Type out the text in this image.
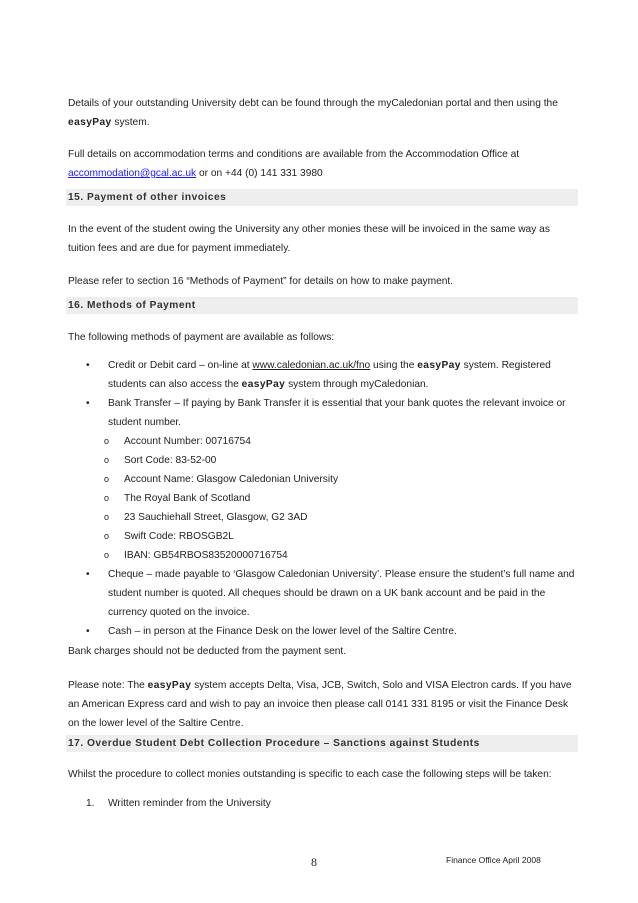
Details of your outstanding University debt can be found through the myCaledonian portal and then using the
easyPay system.
Full details on accommodation terms and conditions are available from the Accommodation Office at
accommodation@gcal.ac.uk or on +44 (0) 141 331 3980
15. Payment of other invoices
In the event of the student owing the University any other monies these will be invoiced in the same way as
tuition fees and are due for payment immediately.
Please refer to section 16 “Methods of Payment” for details on how to make payment.
16. Methods of Payment
The following methods of payment are available as follows:
• Credit or Debit card – on-line at www.caledonian.ac.uk/fno using the easyPay system. Registered
students can also access the easyPay system through myCaledonian.
• Bank Transfer – If paying by Bank Transfer it is essential that your bank quotes the relevant invoice or
student number.
o Account Number: 00716754
o Sort Code: 83-52-00
o Account Name: Glasgow Caledonian University
o The Royal Bank of Scotland
o 23 Sauchiehall Street, Glasgow, G2 3AD
o Swift Code: RBOSGB2L
o IBAN: GB54RBOS83520000716754
• Cheque – made payable to ‘Glasgow Caledonian University’. Please ensure the student’s full name and
student number is quoted. All cheques should be drawn on a UK bank account and be paid in the
currency quoted on the invoice.
• Cash – in person at the Finance Desk on the lower level of the Saltire Centre.
Bank charges should not be deducted from the payment sent.
Please note: The easyPay system accepts Delta, Visa, JCB, Switch, Solo and VISA Electron cards. If you have
an American Express card and wish to pay an invoice then please call 0141 331 8195 or visit the Finance Desk
on the lower level of the Saltire Centre.
17. Overdue Student Debt Collection Procedure – Sanctions against Students
Whilst the procedure to collect monies outstanding is specific to each case the following steps will be taken:
1. Written reminder from the University
8	Finance Office April 2008
